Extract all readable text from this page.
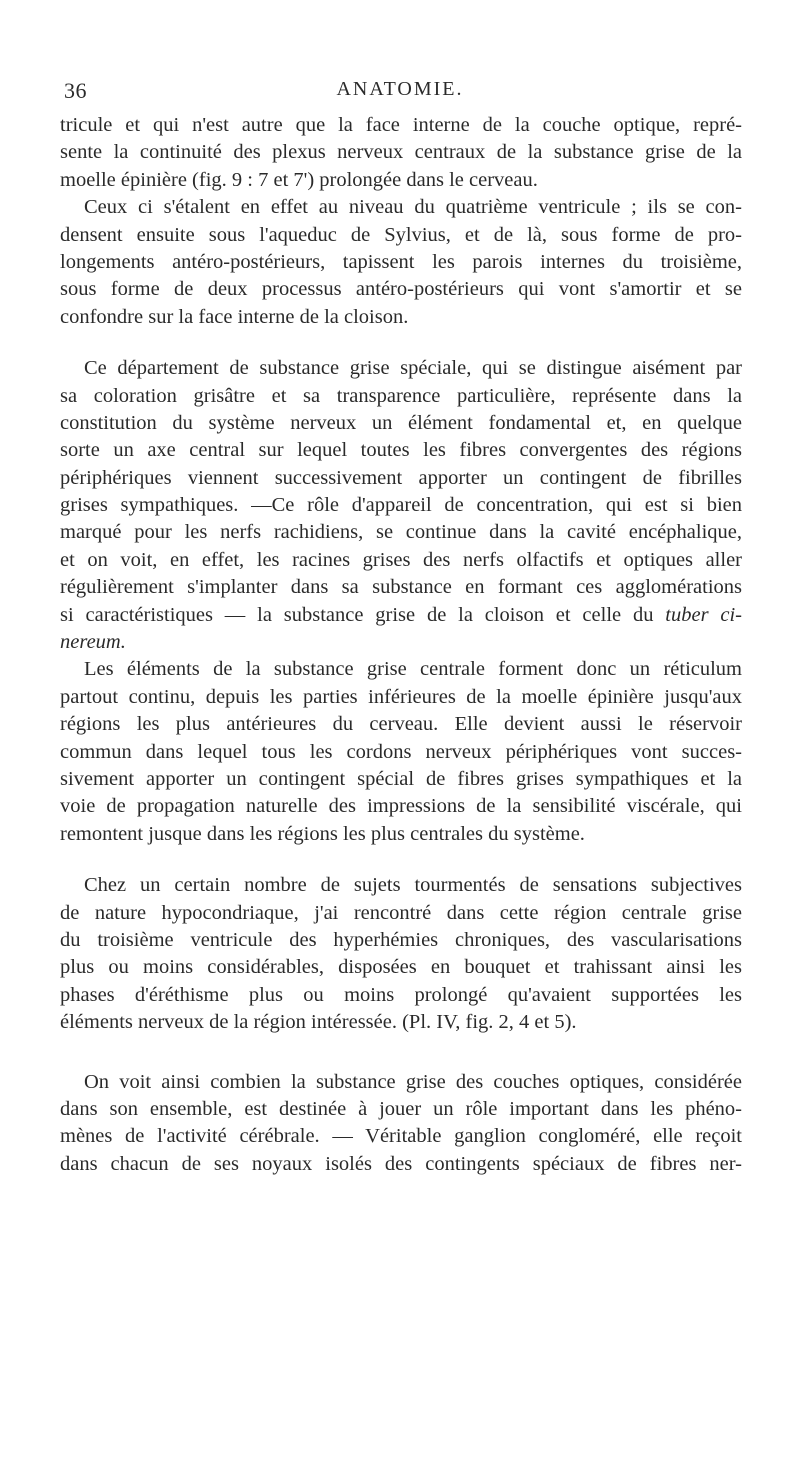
36	ANATOMIE.
tricule et qui n'est autre que la face interne de la couche optique, repré-
sente la continuité des plexus nerveux centraux de la substance grise de la
moelle épinière (fig. 9 : 7 et 7') prolongée dans le cerveau.
Ceux ci s'étalent en effet au niveau du quatrième ventricule ; ils se con-
densent ensuite sous l'aqueduc de Sylvius, et de là, sous forme de pro-
longements antéro-postérieurs, tapissent les parois internes du troisième,
sous forme de deux processus antéro-postérieurs qui vont s'amortir et se
confondre sur la face interne de la cloison.
Ce département de substance grise spéciale, qui se distingue aisément par
sa coloration grisâtre et sa transparence particulière, représente dans la
constitution du système nerveux un élément fondamental et, en quelque
sorte un axe central sur lequel toutes les fibres convergentes des régions
périphériques viennent successivement apporter un contingent de fibrilles
grises sympathiques. —Ce rôle d'appareil de concentration, qui est si bien
marqué pour les nerfs rachidiens, se continue dans la cavité encéphalique,
et on voit, en effet, les racines grises des nerfs olfactifs et optiques aller
régulièrement s'implanter dans sa substance en formant ces agglomérations
si caractéristiques — la substance grise de la cloison et celle du tuber ci-
nereum.
Les éléments de la substance grise centrale forment donc un réticulum
partout continu, depuis les parties inférieures de la moelle épinière jusqu'aux
régions les plus antérieures du cerveau. Elle devient aussi le réservoir
commun dans lequel tous les cordons nerveux périphériques vont succes-
sivement apporter un contingent spécial de fibres grises sympathiques et la
voie de propagation naturelle des impressions de la sensibilité viscérale, qui
remontent jusque dans les régions les plus centrales du système.
Chez un certain nombre de sujets tourmentés de sensations subjectives
de nature hypocondriaque, j'ai rencontré dans cette région centrale grise
du troisième ventricule des hyperhémies chroniques, des vascularisations
plus ou moins considérables, disposées en bouquet et trahissant ainsi les
phases d'éréthisme plus ou moins prolongé qu'avaient supportées les
éléments nerveux de la région intéressée. (Pl. IV, fig. 2, 4 et 5).
On voit ainsi combien la substance grise des couches optiques, considérée
dans son ensemble, est destinée à jouer un rôle important dans les phéno-
mènes de l'activité cérébrale. — Véritable ganglion congloméré, elle reçoit
dans chacun de ses noyaux isolés des contingents spéciaux de fibres ner-
